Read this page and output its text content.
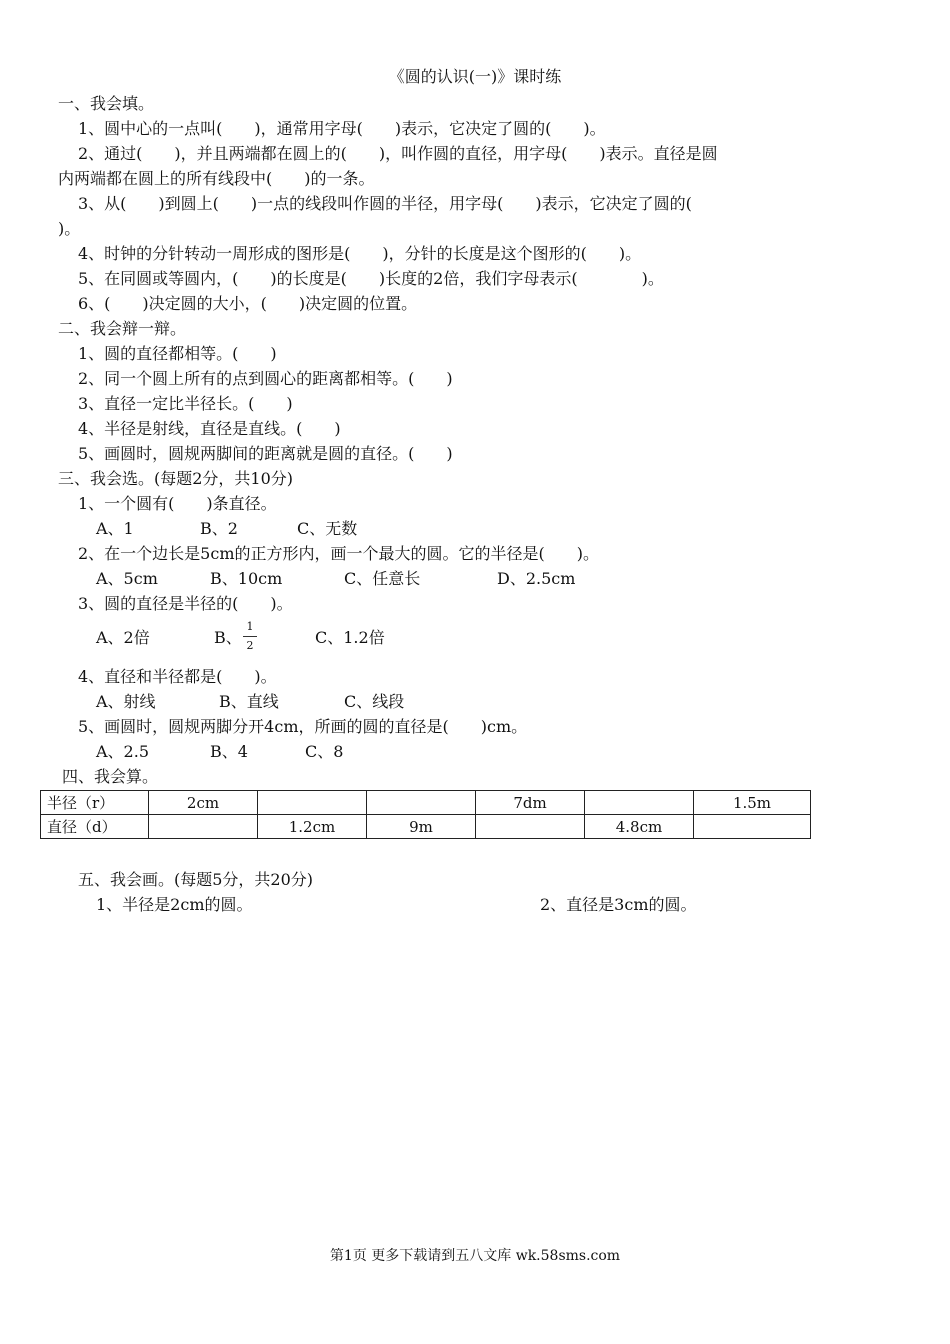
《圆的认识(一)》课时练
一、我会填。
1、圆中心的一点叫(　　)，通常用字母(　　)表示，它决定了圆的(　　)。
2、通过(　　)，并且两端都在圆上的(　　)，叫作圆的直径，用字母(　　)表示。直径是圆
内两端都在圆上的所有线段中(　　)的一条。
3、从(　　)到圆上(　　)一点的线段叫作圆的半径，用字母(　　)表示，它决定了圆的(
)。
4、时钟的分针转动一周形成的图形是(　　)，分针的长度是这个图形的(　　)。
5、在同圆或等圆内，(　　)的长度是(　　)长度的2倍，我们字母表示(　　　　)。
6、(　　)决定圆的大小，(　　)决定圆的位置。
二、我会辩一辩。
1、圆的直径都相等。(　　)
2、同一个圆上所有的点到圆心的距离都相等。(　　)
3、直径一定比半径长。(　　)
4、半径是射线，直径是直线。(　　)
5、画圆时，圆规两脚间的距离就是圆的直径。(　　)
三、我会选。(每题2分，共10分)
1、一个圆有(　　)条直径。
A、1	B、2	C、无数
2、在一个边长是5cm的正方形内，画一个最大的圆。它的半径是(　　)。
A、5cm	B、10cm	C、任意长	D、2.5cm
3、圆的直径是半径的(　　)。
A、2倍	B、
1
2	C、1.2倍
4、直径和半径都是(　　)。
A、射线	B、直线	C、线段
5、画圆时，圆规两脚分开4cm，所画的圆的直径是(　　)cm。
A、2.5	B、4	C、8
四、我会算。
半径（r）	2cm			7dm		1.5m
直径（d）		1.2cm	9m		4.8cm	
五、我会画。(每题5分，共20分)
1、半径是2cm的圆。	2、直径是3cm的圆。
第1页 更多下载请到五八文库 wk.58sms.com
